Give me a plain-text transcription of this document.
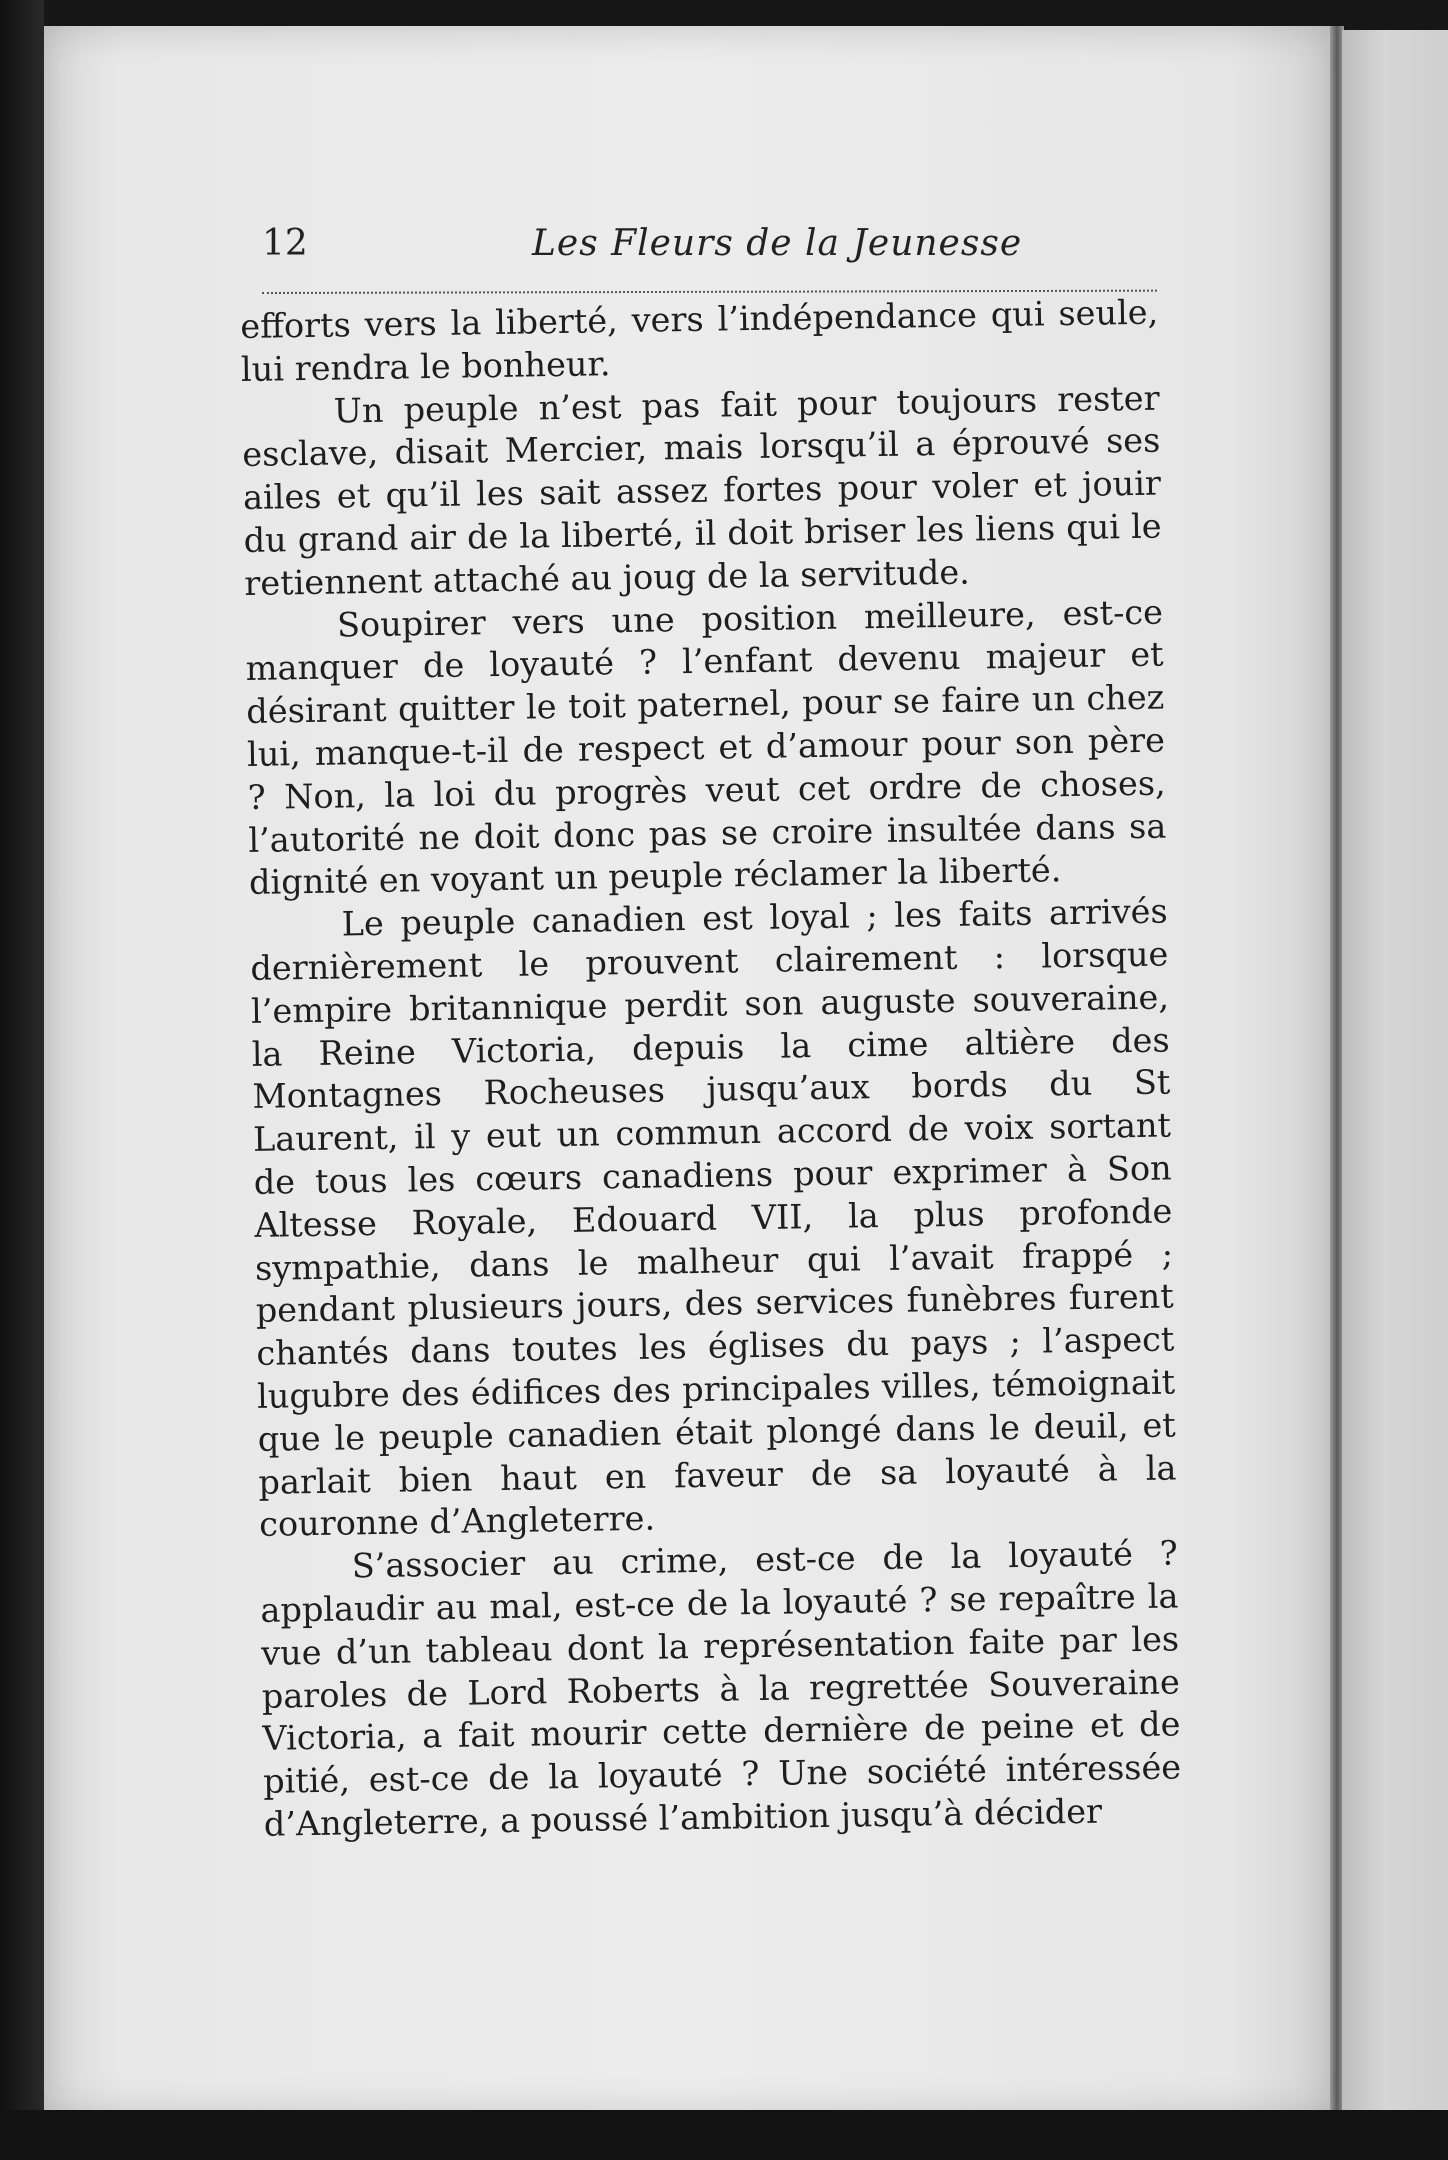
12	Les Fleurs de la Jeunesse

efforts vers la liberté, vers l’indépendance qui seule, lui rendra le bonheur.

Un peuple n’est pas fait pour toujours rester esclave, disait Mercier, mais lorsqu’il a éprouvé ses ailes et qu’il les sait assez fortes pour voler et jouir du grand air de la liberté, il doit briser les liens qui le retiennent attaché au joug de la servitude.

Soupirer vers une position meilleure, est-ce manquer de loyauté ? l’enfant devenu majeur et désirant quitter le toit paternel, pour se faire un chez lui, manque-t-il de respect et d’amour pour son père ? Non, la loi du progrès veut cet ordre de choses, l’autorité ne doit donc pas se croire insultée dans sa dignité en voyant un peuple réclamer la liberté.

Le peuple canadien est loyal ; les faits arrivés dernièrement le prouvent clairement : lorsque l’empire britannique perdit son auguste souveraine, la Reine Victoria, depuis la cime altière des Montagnes Rocheuses jusqu’aux bords du St Laurent, il y eut un commun accord de voix sortant de tous les cœurs canadiens pour exprimer à Son Altesse Royale, Edouard VII, la plus profonde sympathie, dans le malheur qui l’avait frappé ; pendant plusieurs jours, des services funèbres furent chantés dans toutes les églises du pays ; l’aspect lugubre des édifices des principales villes, témoignait que le peuple canadien était plongé dans le deuil, et parlait bien haut en faveur de sa loyauté à la couronne d’Angleterre.

S’associer au crime, est-ce de la loyauté ? applaudir au mal, est-ce de la loyauté ? se repaître la vue d’un tableau dont la représentation faite par les paroles de Lord Roberts à la regrettée Souveraine Victoria, a fait mourir cette dernière de peine et de pitié, est-ce de la loyauté ? Une société intéressée d’Angleterre, a poussé l’ambition jusqu’à décider
